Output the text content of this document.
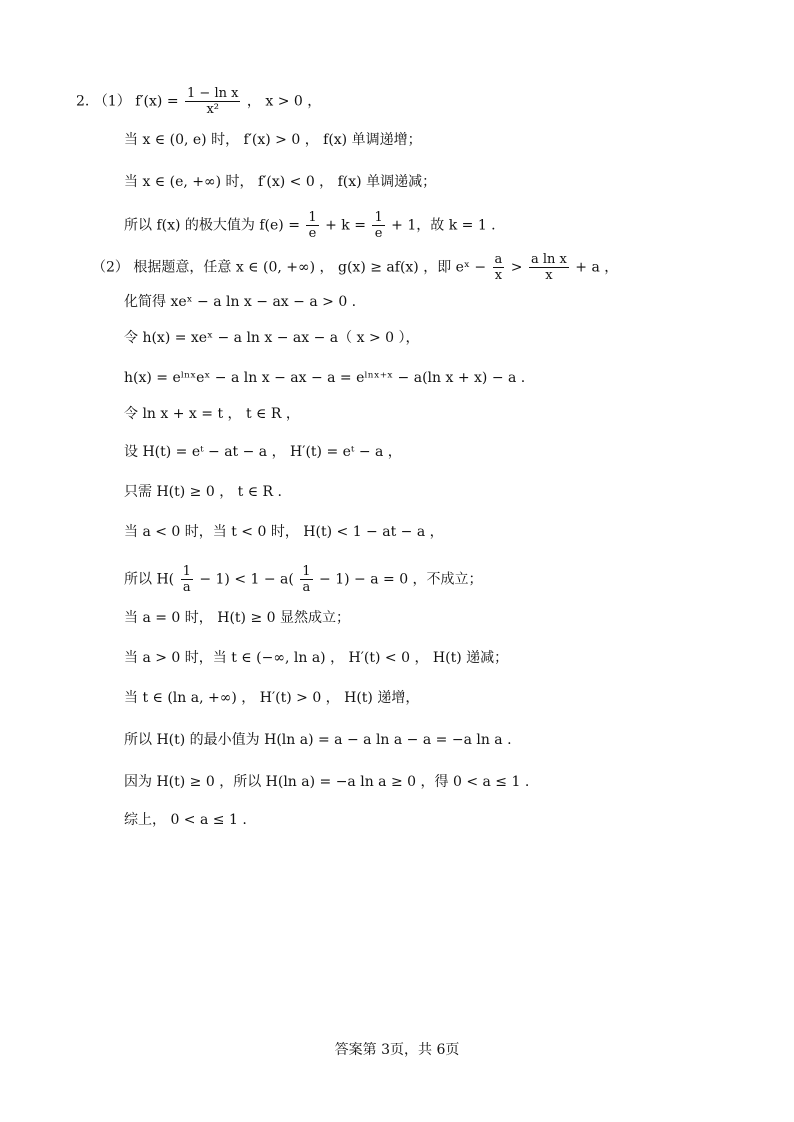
2. （1） $f'(x) = \frac{\text{1 − ln x}}{\text{x²}}$ ， x > 0 ，
当 x ∈ (0, e) 时， f′(x) > 0 ， f(x) 单调递增；
当 x ∈ (e, +∞) 时， f′(x) < 0 ， f(x) 单调递减；
所以 f(x) 的极大值为 $f(e) = \frac{1}{e} + k = \frac{1}{e} + 1$，故 k = 1 .
（2） 根据题意，任意 x ∈ (0, +∞) ， g(x) ≥ af(x) ，即 eˣ − $\frac{a}{x} > \frac{\text{a ln x}}{x} + a$ ，
化简得 xeˣ − a ln x − ax − a > 0 .
令 h(x) = xeˣ − a ln x − ax − a（ x > 0 ），
h(x) = eˡⁿˣeˣ − a ln x − ax − a = eˡⁿˣ⁺ˣ − a(ln x + x) − a .
令 ln x + x = t ， t ∈ R ，
设 H(t) = eᵗ − at − a ， H′(t) = eᵗ − a ，
只需 H(t) ≥ 0 ， t ∈ R .
当 a < 0 时，当 t < 0 时， H(t) < 1 − at − a ，
所以 $H( \frac{1}{a} - 1) < 1 - a( \frac{1}{a} - 1) - a = 0$ ，不成立；
当 a = 0 时， H(t) ≥ 0 显然成立；
当 a > 0 时，当 t ∈ (−∞, ln a) ， H′(t) < 0 ， H(t) 递减；
当 t ∈ (ln a, +∞) ， H′(t) > 0 ， H(t) 递增，
所以 H(t) 的最小值为 H(ln a) = a − a ln a − a = −a ln a .
因为 H(t) ≥ 0 ，所以 H(ln a) = −a ln a ≥ 0 ，得 0 < a ≤ 1 .
综上， 0 < a ≤ 1 .
答案第 3页，共 6页
